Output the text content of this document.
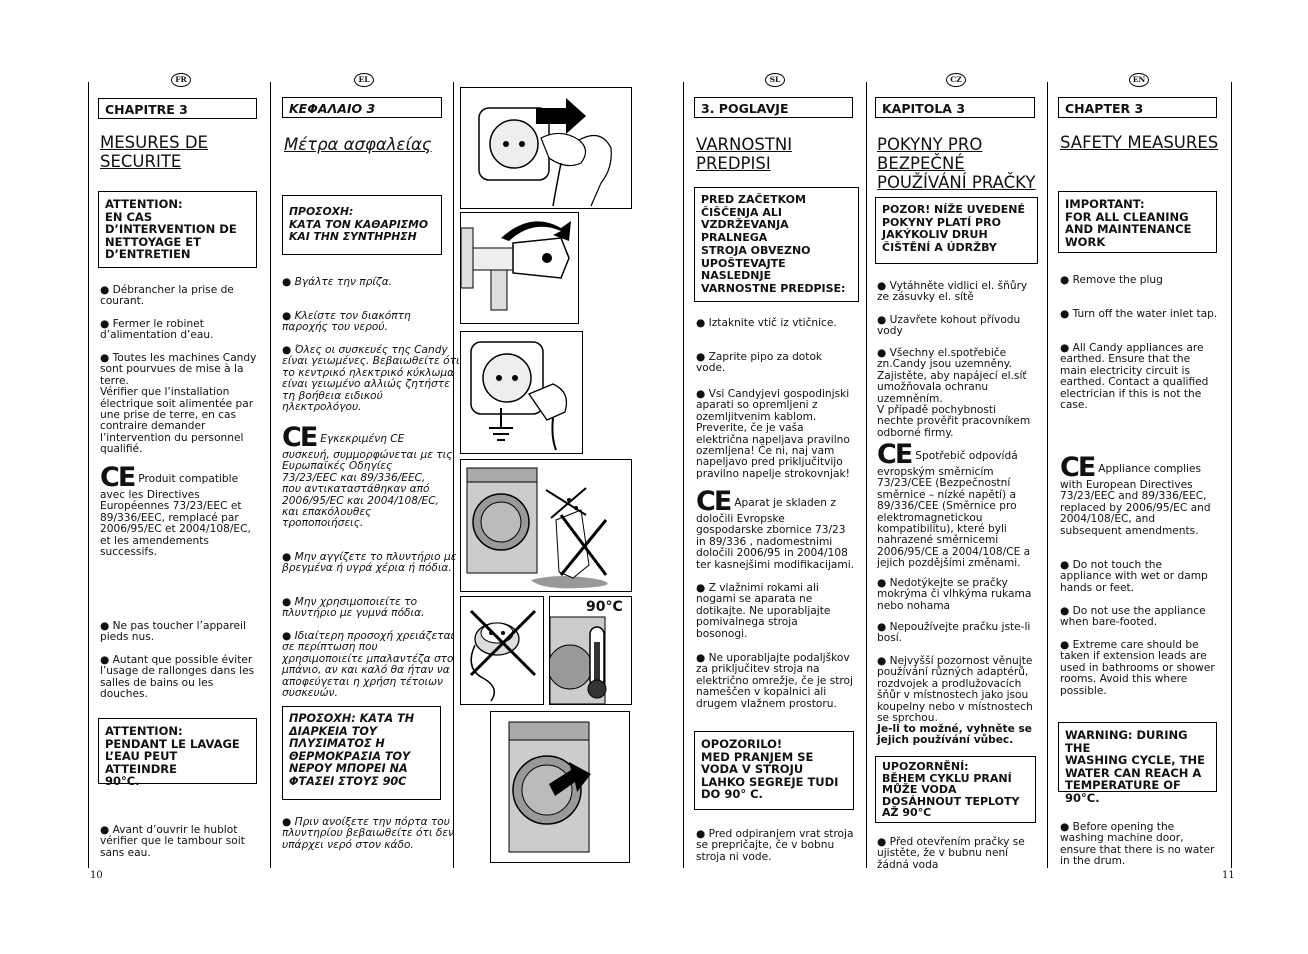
FR	EL	SL	CZ	EN
10	11
CHAPITRE 3
MESURES DE
SECURITE
ATTENTION:
EN CAS
D’INTERVENTION DE
NETTOYAGE ET
D’ENTRETIEN
● Débrancher la prise de
courant.
● Fermer le robinet
d’alimentation d’eau.
● Toutes les machines Candy
sont pourvues de mise à la
terre.
Vérifier que l’installation
électrique soit alimentée par
une prise de terre, en cas
contraire demander
l’intervention du personnel
qualifié.
CE Produit compatible
avec les Directives
Européennes 73/23/EEC et
89/336/EEC, remplacé par
2006/95/EC et 2004/108/EC,
et les amendements
successifs.
● Ne pas toucher l’appareil
pieds nus.
● Autant que possible éviter
l’usage de rallonges dans les
salles de bains ou les
douches.
ATTENTION:
PENDANT LE LAVAGE
L’EAU PEUT ATTEINDRE
90°C.
● Avant d’ouvrir le hublot
vérifier que le tambour soit
sans eau.
ΚΕΦΑΛΑΙΟ 3
Μέτρα ασφαλείας
ΠΡΟΣΟΧΗ:
ΚΑΤΑ ΤΟΝ ΚΑΘΑΡΙΣΜΟ
ΚΑΙ ΤΗΝ ΣΥΝΤΗΡΗΣΗ
● Βγάλτε την πρίζα.
● Κλείστε τον διακόπτη
παροχής του νερού.
● Όλες οι συσκευές της Candy
είναι γειωμένες. Βεβαιωθείτε ότι
το κεντρικό ηλεκτρικό κύκλωμα
είναι γειωμένο αλλιώς ζητήστε
τη βοήθεια ειδικού
ηλεκτρολόγου.
CE Εγκεκριμένη CE
συσκευή, συμμορφώνεται με τις
Ευρωπαϊκές Οδηγίες
73/23/EEC και 89/336/EEC,
που αντικαταστάθηκαν από
2006/95/EC και 2004/108/EC,
και επακόλουθες
τροποποιήσεις.
● Μην αγγίζετε το πλυντήριο με
βρεγμένα ή υγρά χέρια ή πόδια.
● Μην χρησιμοποιείτε το
πλυντήριο με γυμνά πόδια.
● Ιδιαίτερη προσοχή χρειάζεται
σε περίπτωση που
χρησιμοποιείτε μπαλαντέζα στο
μπάνιο, αν και καλό θα ήταν να
αποφεύγεται η χρήση τέτοιων
συσκευών.
ΠΡΟΣΟΧΗ: ΚΑΤΑ ΤΗ
ΔΙΑΡΚΕΙΑ ΤΟΥ
ΠΛΥΣΙΜΑΤΟΣ Η
ΘΕΡΜΟΚΡΑΣΙΑ ΤΟΥ
ΝΕΡΟΥ ΜΠΟΡΕΙ ΝΑ
ΦΤΑΣΕΙ ΣΤΟΥΣ 90C
● Πριν ανοίξετε την πόρτα του
πλυντηρίου βεβαιωθείτε ότι δεν
υπάρχει νερό στον κάδο.
90°C
3. POGLAVJE
VARNOSTNI
PREDPISI
PRED ZAČETKOM
ČIŠČENJA ALI
VZDRŽEVANJA
PRALNEGA
STROJA OBVEZNO
UPOŠTEVAJTE
NASLEDNJE
VARNOSTNE PREDPISE:
● Iztaknite vtič iz vtičnice.
● Zaprite pipo za dotok
vode.
● Vsi Candyjevi gospodinjski
aparati so opremljeni z
ozemljitvenim kablom.
Preverite, če je vaša
električna napeljava pravilno
ozemljena! Če ni, naj vam
napeljavo pred priključitvijo
pravilno napelje strokovnjak!
CE Aparat je skladen z
določili Evropske
gospodarske zbornice 73/23
in 89/336 , nadomestnimi
določili 2006/95 in 2004/108
ter kasnejšimi modifikacijami.
● Z vlažnimi rokami ali
nogami se aparata ne
dotikajte. Ne uporabljajte
pomivalnega stroja
bosonogi.
● Ne uporabljajte podaljškov
za priključitev stroja na
električno omrežje, če je stroj
nameščen v kopalnici ali
drugem vlažnem prostoru.
OPOZORILO!
MED PRANJEM SE
VODA V STROJU
LAHKO SEGREJE TUDI
DO 90° C.
● Pred odpiranjem vrat stroja
se prepričajte, če v bobnu
stroja ni vode.
KAPITOLA 3
POKYNY PRO
BEZPEČNÉ
POUŽÍVÁNÍ PRAČKY
POZOR! NÍŽE UVEDENÉ
POKYNY PLATÍ PRO
JAKÝKOLIV DRUH
ČIŠTĚNÍ A ÚDRŽBY
● Vytáhněte vidlici el. šňůry
ze zásuvky el. sítě
● Uzavřete kohout přívodu
vody
● Všechny el.spotřebiče
zn.Candy jsou uzemněny.
Zajistěte, aby napájecí el.síť
umožňovala ochranu
uzemněním.
V případě pochybnosti
nechte prověřit pracovníkem
odborné firmy.
CE Spotřebič odpovídá
evropským směrnicím
73/23/CEE (Bezpečnostní
směrnice – nízké napětí) a
89/336/CEE (Směrnice pro
elektromagnetickou
kompatibilitu), které byli
nahrazené směrnicemi
2006/95/CE a 2004/108/CE a
jejich pozdějšími změnami.
● Nedotýkejte se pračky
mokrýma či vlhkýma rukama
nebo nohama
● Nepoužívejte pračku jste-li
bosí.
● Nejvyšší pozornost věnujte
používání různých adaptérů,
rozdvojek a prodlužovacích
šňůr v místnostech jako jsou
koupelny nebo v místnostech
se sprchou.
Je-li to možné, vyhněte se
jejich používání vůbec.
UPOZORNĚNÍ:
BĚHEM CYKLU PRANÍ
MŮŽE VODA
DOSÁHNOUT TEPLOTY
AŽ 90°C
● Před otevřením pračky se
ujistěte, že v bubnu není
žádná voda
CHAPTER 3
SAFETY MEASURES
IMPORTANT:
FOR ALL CLEANING
AND MAINTENANCE
WORK
● Remove the plug
● Turn off the water inlet tap.
● All Candy appliances are
earthed. Ensure that the
main electricity circuit is
earthed. Contact a qualified
electrician if this is not the
case.
CE Appliance complies
with European Directives
73/23/EEC and 89/336/EEC,
replaced by 2006/95/EC and
2004/108/EC, and
subsequent amendments.
● Do not touch the
appliance with wet or damp
hands or feet.
● Do not use the appliance
when bare-footed.
● Extreme care should be
taken if extension leads are
used in bathrooms or shower
rooms. Avoid this where
possible.
WARNING: DURING THE
WASHING CYCLE, THE
WATER CAN REACH A
TEMPERATURE OF 90°C.
● Before opening the
washing machine door,
ensure that there is no water
in the drum.
